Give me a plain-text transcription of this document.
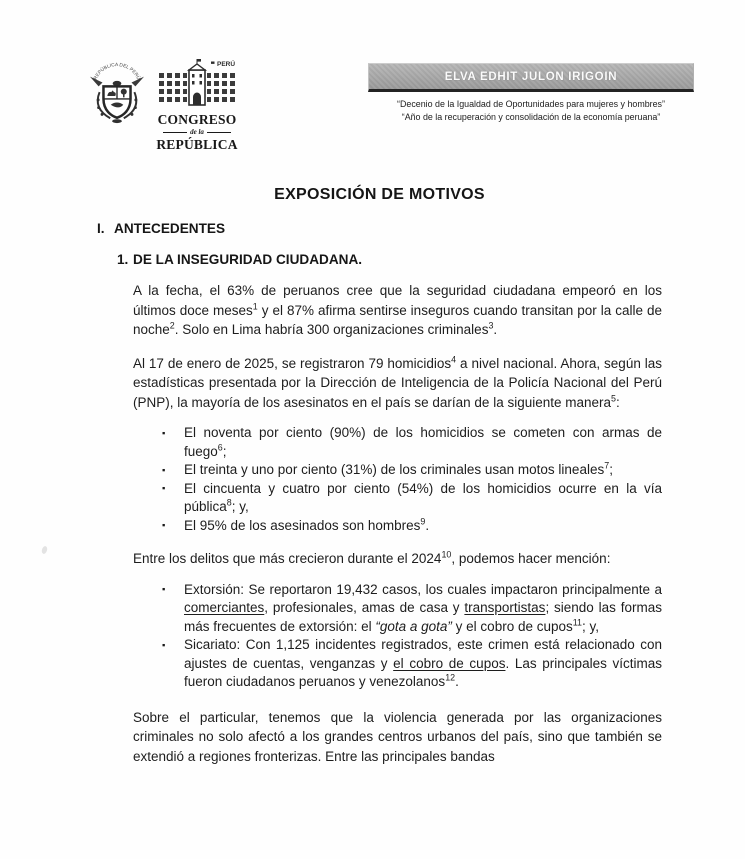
REPÚBLICA DEL PERÚ
PERÚ
CONGRESO
de la
REPÚBLICA
ELVA EDHIT JULON IRIGOIN
“Decenio de la Igualdad de Oportunidades para mujeres y hombres”
“Año de la recuperación y consolidación de la economía peruana”
EXPOSICIÓN DE MOTIVOS
I. ANTECEDENTES
1. DE LA INSEGURIDAD CIUDADANA.

A la fecha, el 63% de peruanos cree que la seguridad ciudadana empeoró en los últimos doce meses$^1$ y el 87% afirma sentirse inseguros cuando transitan por la calle de noche$^2$. Solo en Lima habría 300 organizaciones criminales$^3$.

Al 17 de enero de 2025, se registraron 79 homicidios$^4$ a nivel nacional. Ahora, según las estadísticas presentada por la Dirección de Inteligencia de la Policía Nacional del Perú (PNP), la mayoría de los asesinatos en el país se darían de la siguiente manera$^5$:

▪ El noventa por ciento (90%) de los homicidios se cometen con armas de fuego$^6$;
▪ El treinta y uno por ciento (31%) de los criminales usan motos lineales$^7$;
▪ El cincuenta y cuatro por ciento (54%) de los homicidios ocurre en la vía pública$^8$; y,
▪ El 95% de los asesinados son hombres$^9$.

Entre los delitos que más crecieron durante el 2024$^{10}$, podemos hacer mención:

▪ Extorsión: Se reportaron 19,432 casos, los cuales impactaron principalmente a comerciantes, profesionales, amas de casa y transportistas; siendo las formas más frecuentes de extorsión: el “gota a gota” y el cobro de cupos$^{11}$; y,
▪ Sicariato: Con 1,125 incidentes registrados, este crimen está relacionado con ajustes de cuentas, venganzas y el cobro de cupos. Las principales víctimas fueron ciudadanos peruanos y venezolanos$^{12}$.

Sobre el particular, tenemos que la violencia generada por las organizaciones criminales no solo afectó a los grandes centros urbanos del país, sino que también se extendió a regiones fronterizas. Entre las principales bandas
